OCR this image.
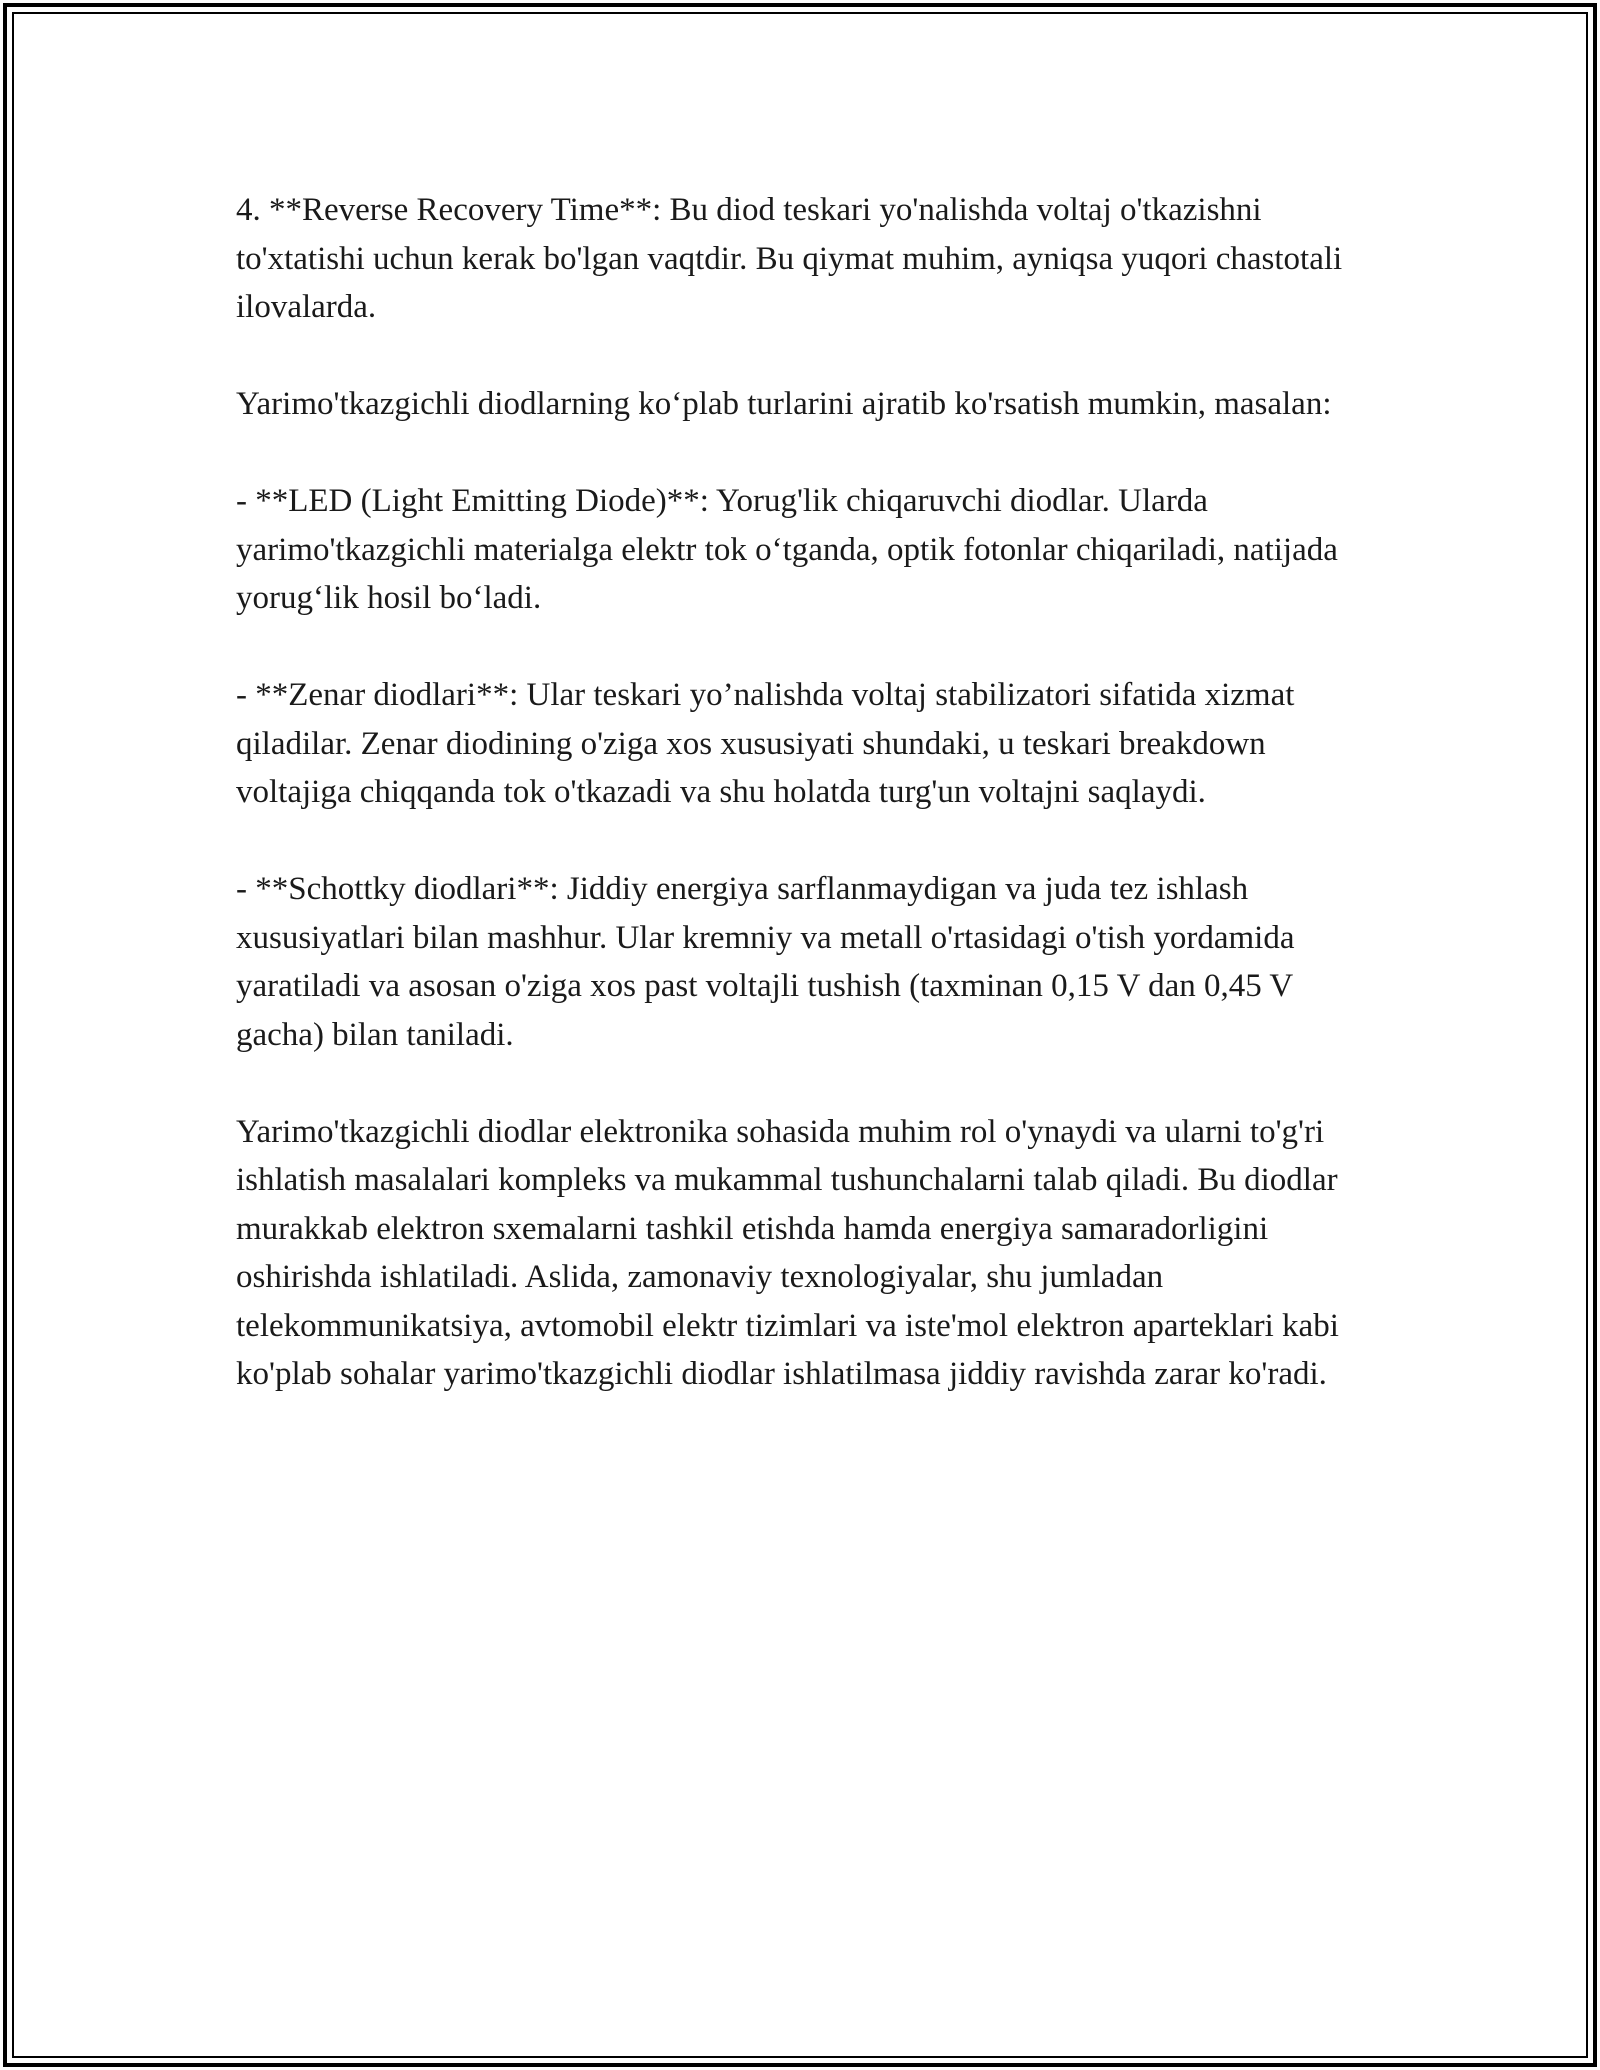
4. **Reverse Recovery Time**: Bu diod teskari yo'nalishda voltaj o'tkazishni to'xtatishi uchun kerak bo'lgan vaqtdir. Bu qiymat muhim, ayniqsa yuqori chastotali ilovalarda.

Yarimo'tkazgichli diodlarning ko‘plab turlarini ajratib ko'rsatish mumkin, masalan:

- **LED (Light Emitting Diode)**: Yorug'lik chiqaruvchi diodlar. Ularda yarimo'tkazgichli materialga elektr tok o‘tganda, optik fotonlar chiqariladi, natijada yorug‘lik hosil bo‘ladi.

- **Zenar diodlari**: Ular teskari yo’nalishda voltaj stabilizatori sifatida xizmat qiladilar. Zenar diodining o'ziga xos xususiyati shundaki, u teskari breakdown voltajiga chiqqanda tok o'tkazadi va shu holatda turg'un voltajni saqlaydi.

- **Schottky diodlari**: Jiddiy energiya sarflanmaydigan va juda tez ishlash xususiyatlari bilan mashhur. Ular kremniy va metall o'rtasidagi o'tish yordamida yaratiladi va asosan o'ziga xos past voltajli tushish (taxminan 0,15 V dan 0,45 V gacha) bilan taniladi.

Yarimo'tkazgichli diodlar elektronika sohasida muhim rol o'ynaydi va ularni to'g'ri ishlatish masalalari kompleks va mukammal tushunchalarni talab qiladi. Bu diodlar murakkab elektron sxemalarni tashkil etishda hamda energiya samaradorligini oshirishda ishlatiladi. Aslida, zamonaviy texnologiyalar, shu jumladan telekommunikatsiya, avtomobil elektr tizimlari va iste'mol elektron aparteklari kabi ko'plab sohalar yarimo'tkazgichli diodlar ishlatilmasa jiddiy ravishda zarar ko'radi.
